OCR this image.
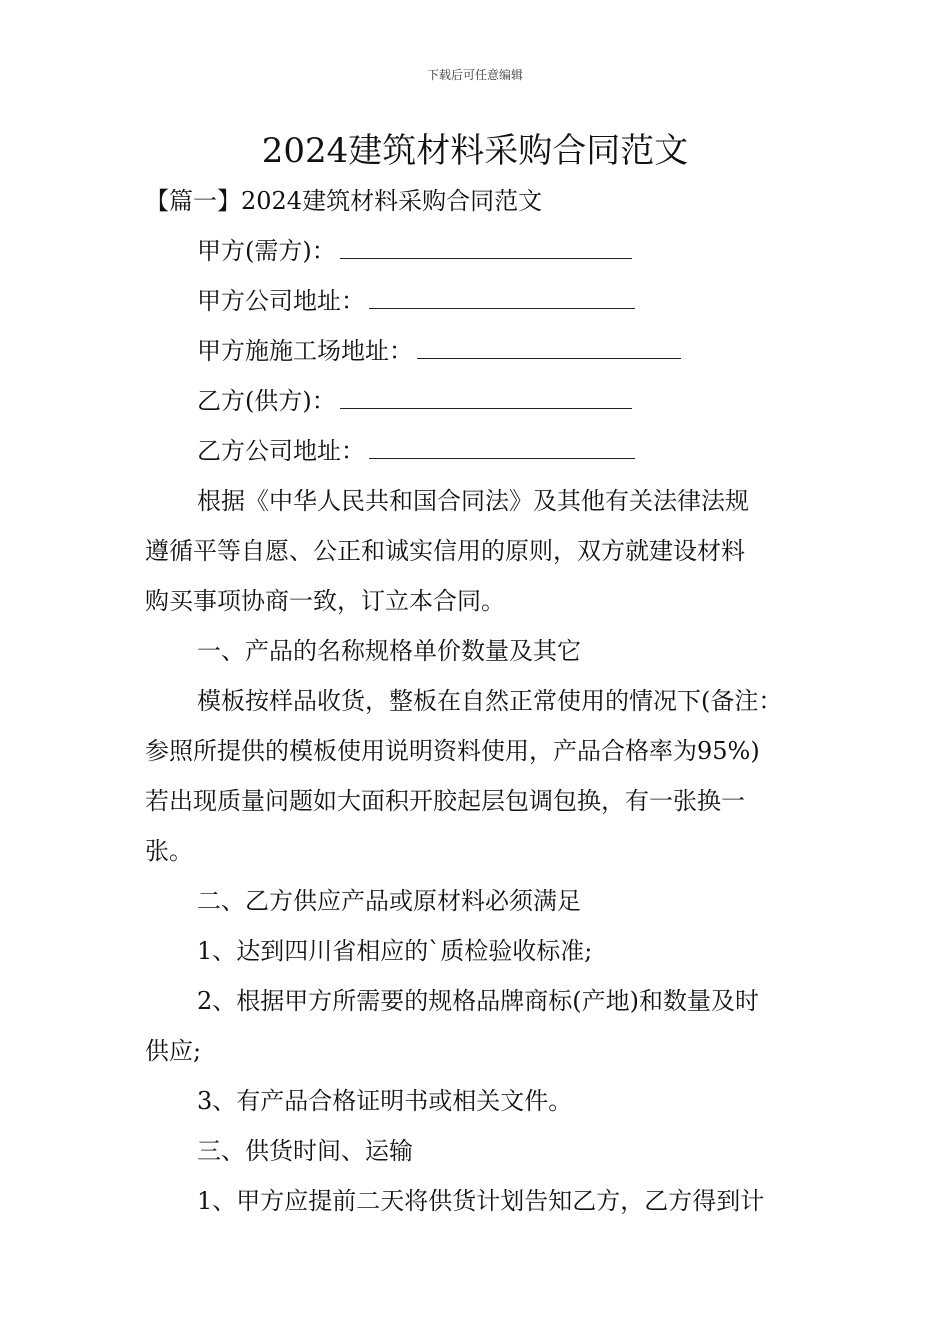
下载后可任意编辑
2024建筑材料采购合同范文
【篇一】2024建筑材料采购合同范文
甲方(需方)：
甲方公司地址：
甲方施施工场地址：
乙方(供方)：
乙方公司地址：
根据《中华人民共和国合同法》及其他有关法律法规
遵循平等自愿、公正和诚实信用的原则，双方就建设材料
购买事项协商一致，订立本合同。
一、产品的名称规格单价数量及其它
模板按样品收货，整板在自然正常使用的情况下(备注：
参照所提供的模板使用说明资料使用，产品合格率为95%)
若出现质量问题如大面积开胶起层包调包换，有一张换一
张。
二、乙方供应产品或原材料必须满足
1、达到四川省相应的`质检验收标准;
2、根据甲方所需要的规格品牌商标(产地)和数量及时
供应;
3、有产品合格证明书或相关文件。
三、供货时间、运输
1、甲方应提前二天将供货计划告知乙方，乙方得到计
